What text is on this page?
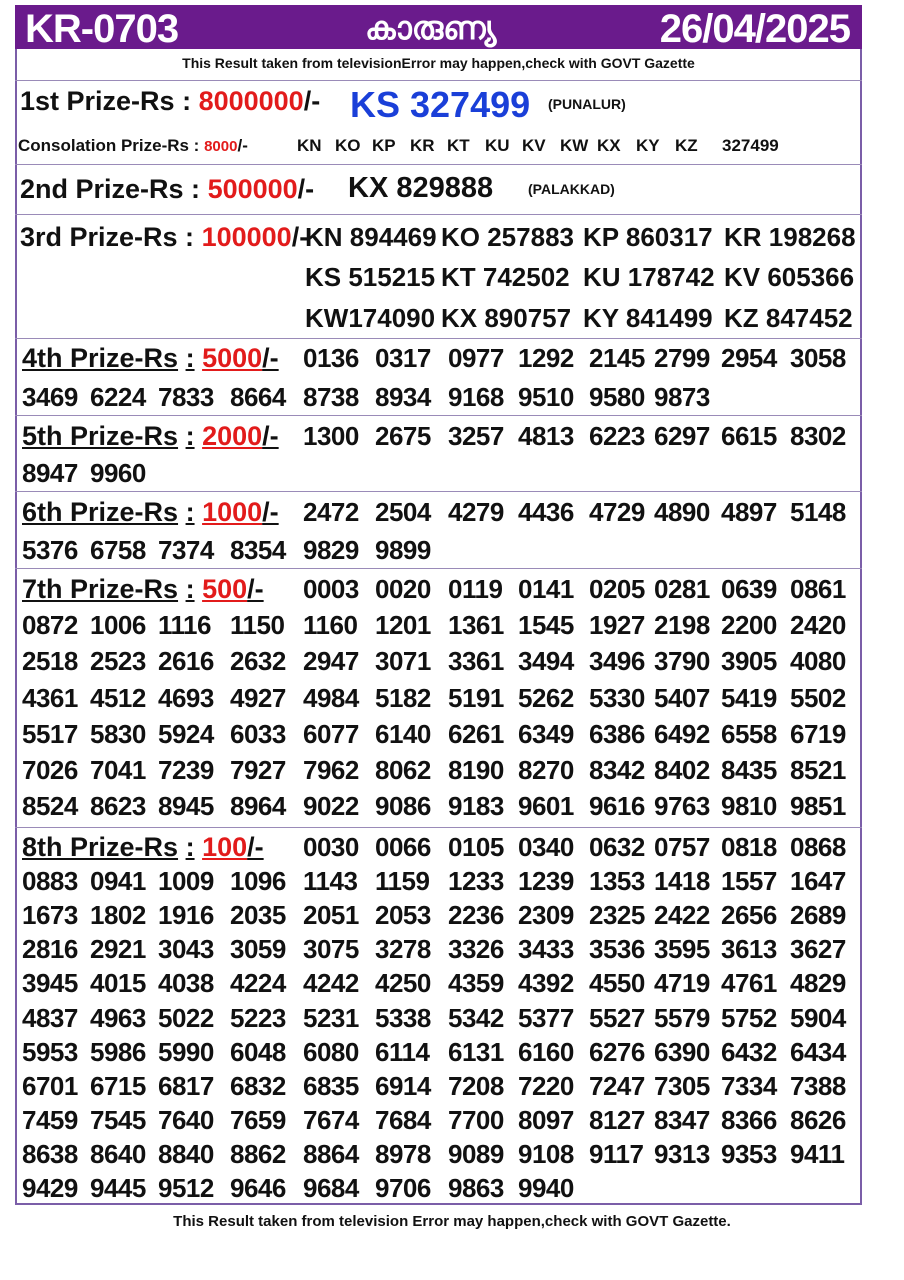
KR-0703	കാരുണ്യ	26/04/2025
This Result taken from televisionError may happen,check with GOVT Gazette
1st Prize-Rs : 8000000/- KS 327499 (PUNALUR)
Consolation Prize-Rs : 8000/-	KN KO KP KR KT KU KV KW KX KY KZ 327499
2nd Prize-Rs : 500000/- KX 829888 (PALAKKAD)
3rd Prize-Rs : 100000/-
KN 894469 KO 257883 KP 860317 KR 198268
KS 515215 KT 742502 KU 178742 KV 605366
KW174090 KX 890757 KY 841499 KZ 847452
4th Prize-Rs : 5000/- 0136 0317 0977 1292 2145 2799 2954 3058
3469 6224 7833 8664 8738 8934 9168 9510 9580 9873
5th Prize-Rs : 2000/- 1300 2675 3257 4813 6223 6297 6615 8302
8947 9960
6th Prize-Rs : 1000/- 2472 2504 4279 4436 4729 4890 4897 5148
5376 6758 7374 8354 9829 9899
7th Prize-Rs : 500/- 0003 0020 0119 0141 0205 0281 0639 0861
0872 1006 1116 1150 1160 1201 1361 1545 1927 2198 2200 2420
2518 2523 2616 2632 2947 3071 3361 3494 3496 3790 3905 4080
4361 4512 4693 4927 4984 5182 5191 5262 5330 5407 5419 5502
5517 5830 5924 6033 6077 6140 6261 6349 6386 6492 6558 6719
7026 7041 7239 7927 7962 8062 8190 8270 8342 8402 8435 8521
8524 8623 8945 8964 9022 9086 9183 9601 9616 9763 9810 9851
8th Prize-Rs : 100/- 0030 0066 0105 0340 0632 0757 0818 0868
0883 0941 1009 1096 1143 1159 1233 1239 1353 1418 1557 1647
1673 1802 1916 2035 2051 2053 2236 2309 2325 2422 2656 2689
2816 2921 3043 3059 3075 3278 3326 3433 3536 3595 3613 3627
3945 4015 4038 4224 4242 4250 4359 4392 4550 4719 4761 4829
4837 4963 5022 5223 5231 5338 5342 5377 5527 5579 5752 5904
5953 5986 5990 6048 6080 6114 6131 6160 6276 6390 6432 6434
6701 6715 6817 6832 6835 6914 7208 7220 7247 7305 7334 7388
7459 7545 7640 7659 7674 7684 7700 8097 8127 8347 8366 8626
8638 8640 8840 8862 8864 8978 9089 9108 9117 9313 9353 9411
9429 9445 9512 9646 9684 9706 9863 9940
This Result taken from television Error may happen,check with GOVT Gazette.
